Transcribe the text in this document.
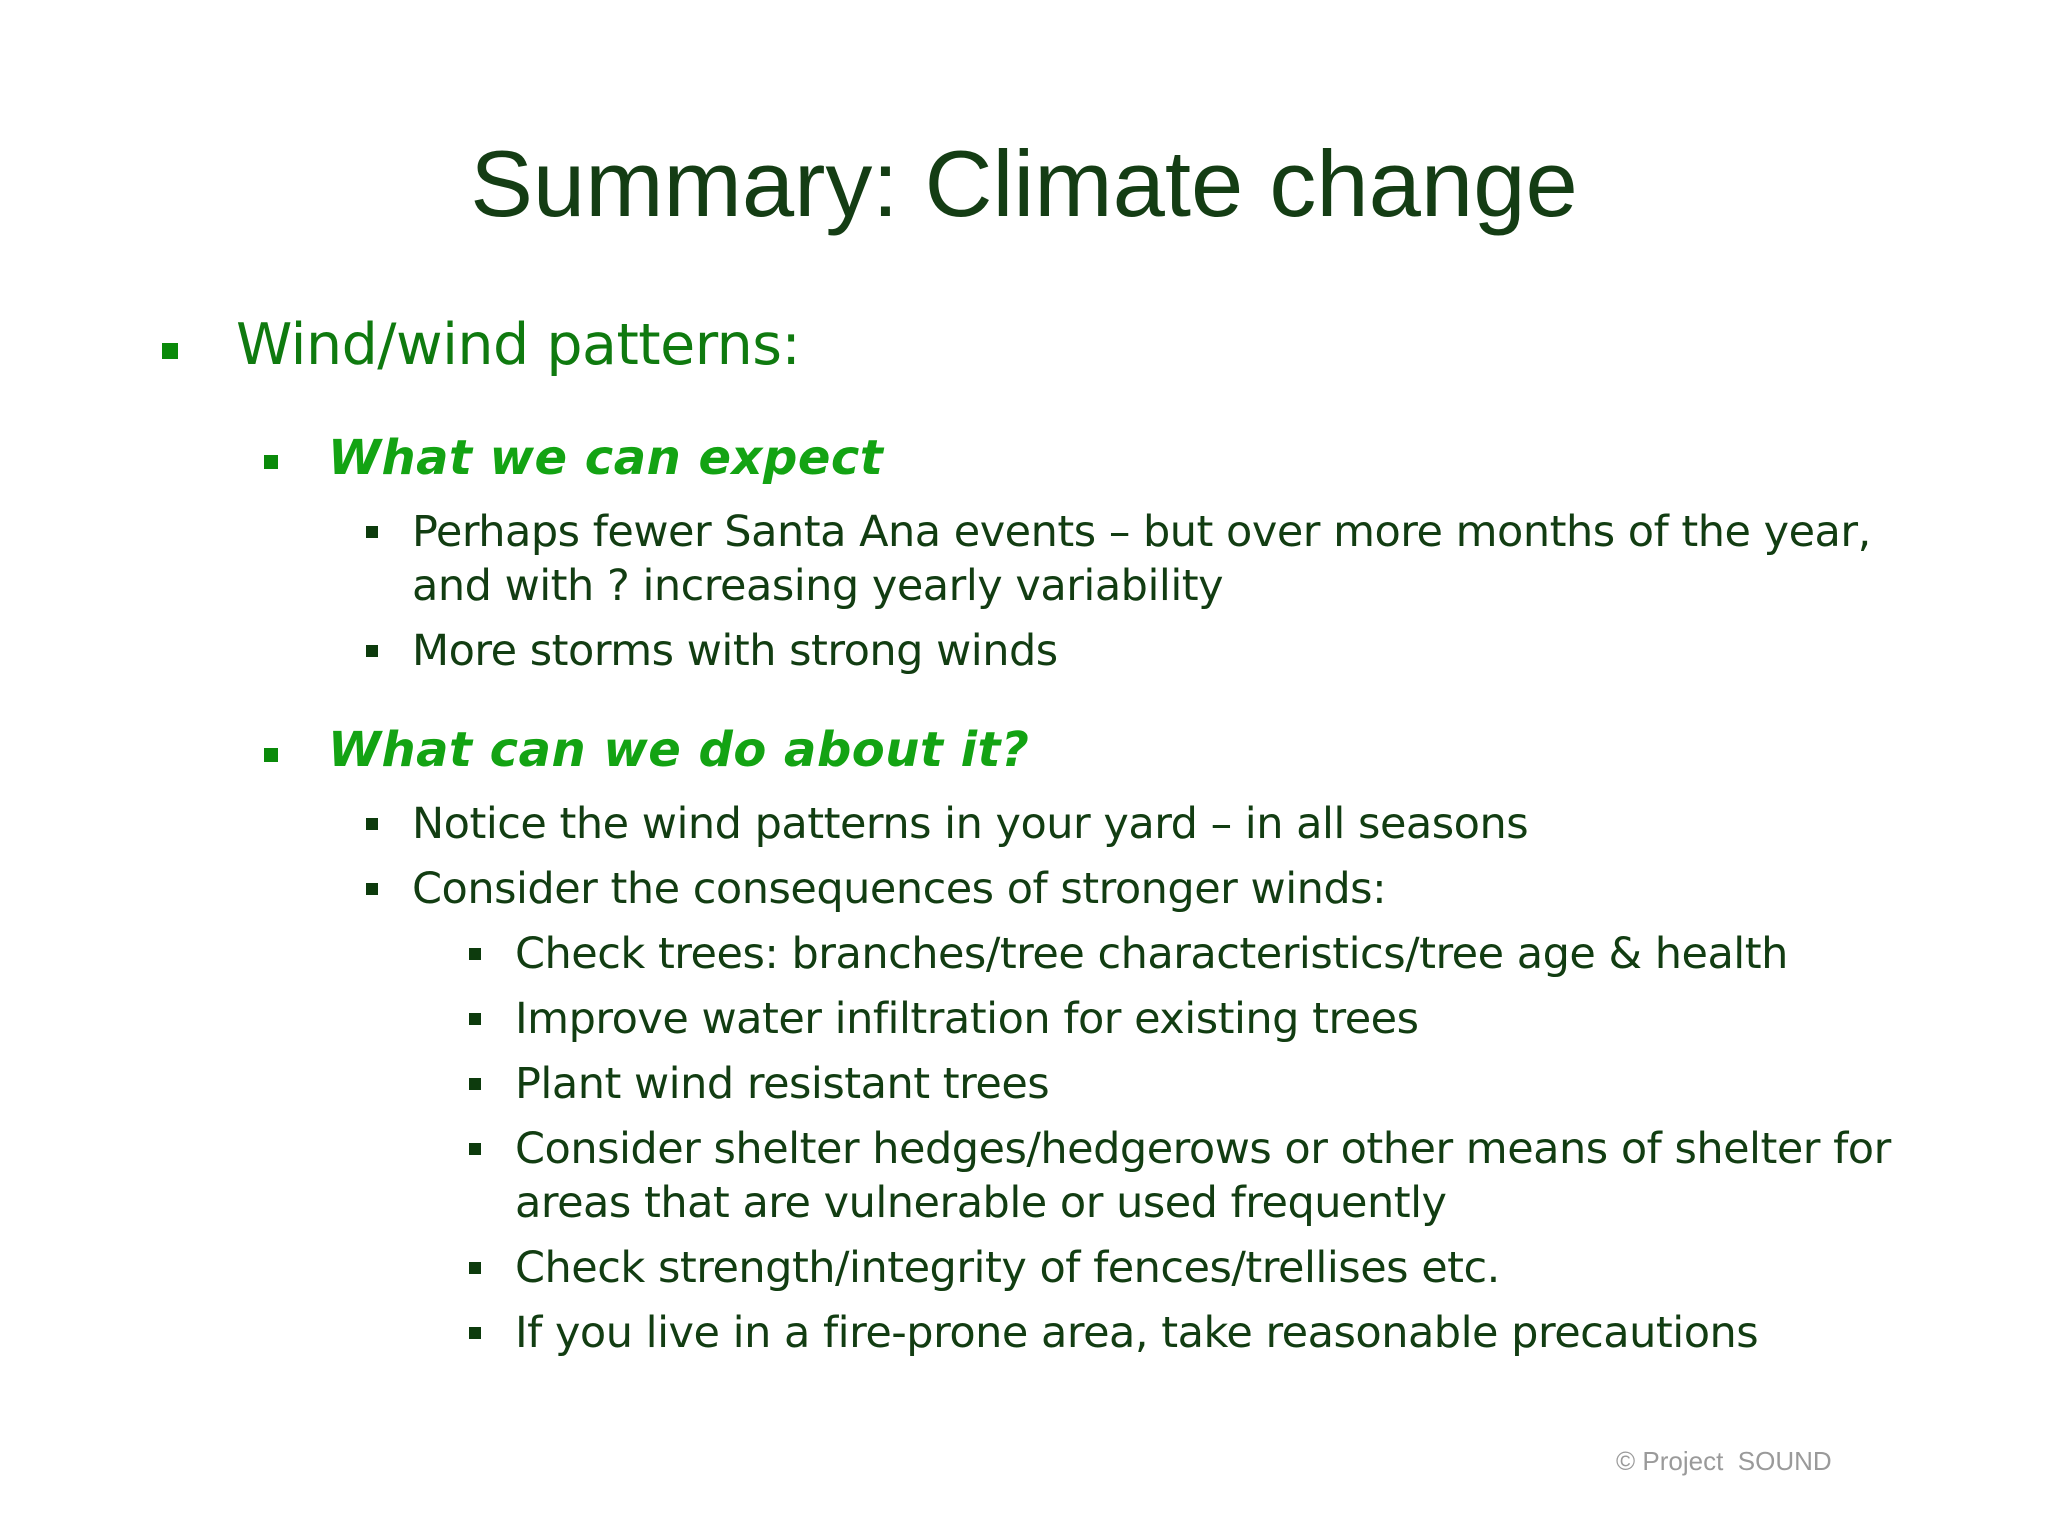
Summary: Climate change
Wind/wind patterns:
What we can expect
Perhaps fewer Santa Ana events – but over more months of the year,
and with ? increasing yearly variability
More storms with strong winds
What can we do about it?
Notice the wind patterns in your yard – in all seasons
Consider the consequences of stronger winds:
Check trees: branches/tree characteristics/tree age & health
Improve water infiltration for existing trees
Plant wind resistant trees
Consider shelter hedges/hedgerows or other means of shelter for
areas that are vulnerable or used frequently
Check strength/integrity of fences/trellises etc.
If you live in a fire-prone area, take reasonable precautions
© Project  SOUND
